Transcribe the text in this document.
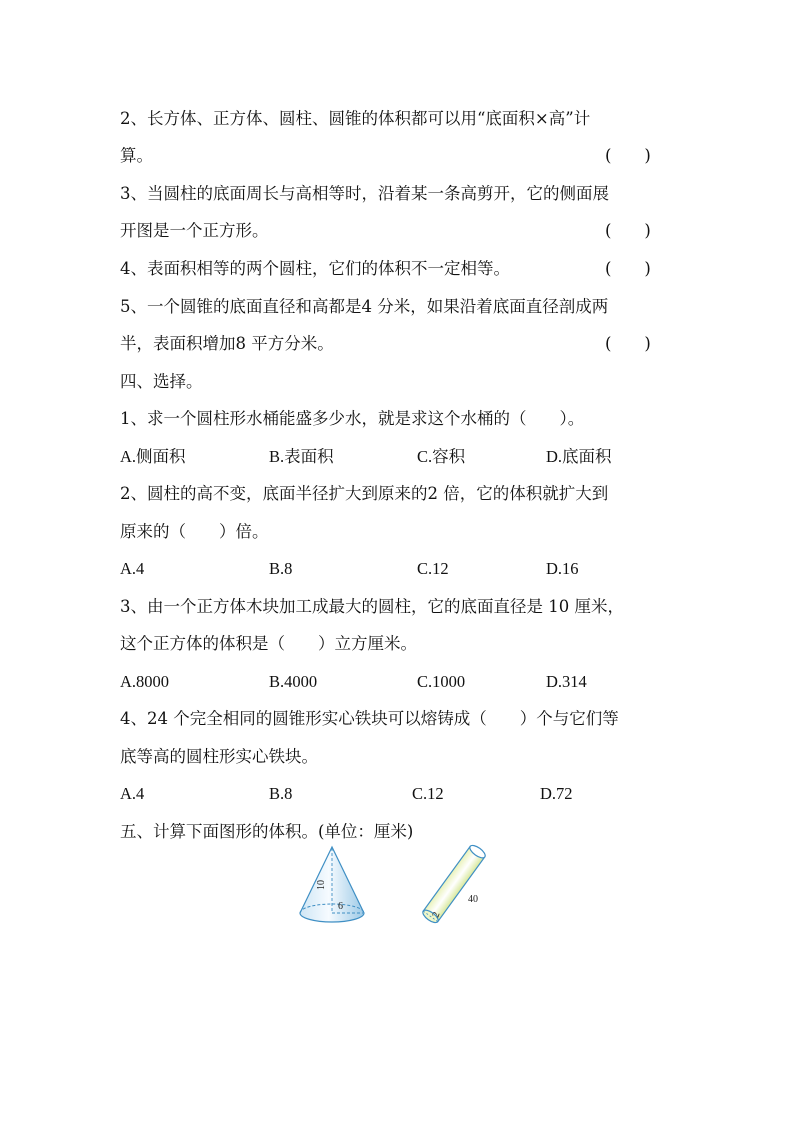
2、长方体、正方体、圆柱、圆锥的体积都可以用“底面积×高”计
算。	(　　)
3、当圆柱的底面周长与高相等时，沿着某一条高剪开，它的侧面展
开图是一个正方形。	(　　)
4、表面积相等的两个圆柱，它们的体积不一定相等。	(　　)
5、一个圆锥的底面直径和高都是4 分米，如果沿着底面直径剖成两
半，表面积增加8 平方分米。	(　　)
四、选择。
1、求一个圆柱形水桶能盛多少水，就是求这个水桶的（　　）。
A.侧面积	B.表面积	C.容积	D.底面积
2、圆柱的高不变，底面半径扩大到原来的2 倍，它的体积就扩大到
原来的（　　）倍。
A.4	B.8	C.12	D.16
3、由一个正方体木块加工成最大的圆柱，它的底面直径是 10 厘米，
这个正方体的体积是（　　）立方厘米。
A.8000	B.4000	C.1000	D.314
4、24 个完全相同的圆锥形实心铁块可以熔铸成（　　）个与它们等
底等高的圆柱形实心铁块。
A.4	B.8	C.12	D.72
五、计算下面图形的体积。(单位：厘米)
10
6
40
2
